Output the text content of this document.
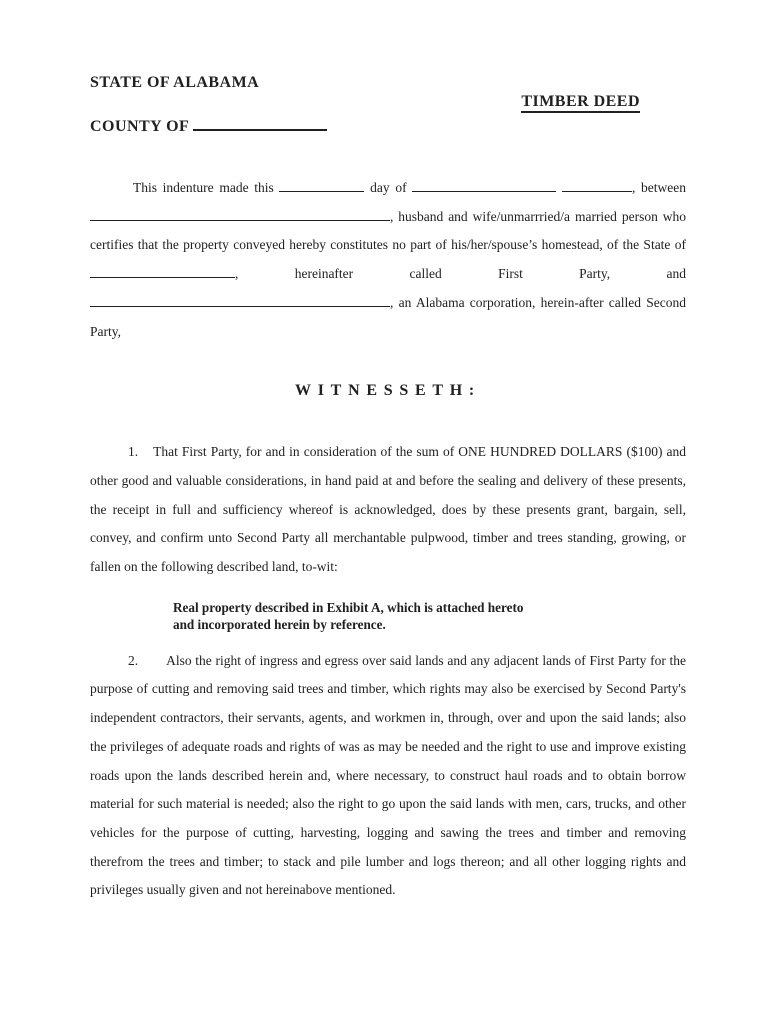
STATE OF ALABAMA
TIMBER DEED
COUNTY OF

This indenture made this	day of	, between , husband and wife/unmarrried/a married person who certifies that the property conveyed hereby constitutes no part of his/her/spouse’s homestead, of the State of , hereinafter called First Party, and , an Alabama corporation, herein-after called Second Party,

WITNESSETH:

1. That First Party, for and in consideration of the sum of ONE HUNDRED DOLLARS ($100) and other good and valuable considerations, in hand paid at and before the sealing and delivery of these presents, the receipt in full and sufficiency whereof is acknowledged, does by these presents grant, bargain, sell, convey, and confirm unto Second Party all merchantable pulpwood, timber and trees standing, growing, or fallen on the following described land, to-wit:

Real property described in Exhibit A, which is attached hereto
and incorporated herein by reference.

2. Also the right of ingress and egress over said lands and any adjacent lands of First Party for the purpose of cutting and removing said trees and timber, which rights may also be exercised by Second Party's independent contractors, their servants, agents, and workmen in, through, over and upon the said lands; also the privileges of adequate roads and rights of was as may be needed and the right to use and improve existing roads upon the lands described herein and, where necessary, to construct haul roads and to obtain borrow material for such material is needed; also the right to go upon the said lands with men, cars, trucks, and other vehicles for the purpose of cutting, harvesting, logging and sawing the trees and timber and removing therefrom the trees and timber; to stack and pile lumber and logs thereon; and all other logging rights and privileges usually given and not hereinabove mentioned.
